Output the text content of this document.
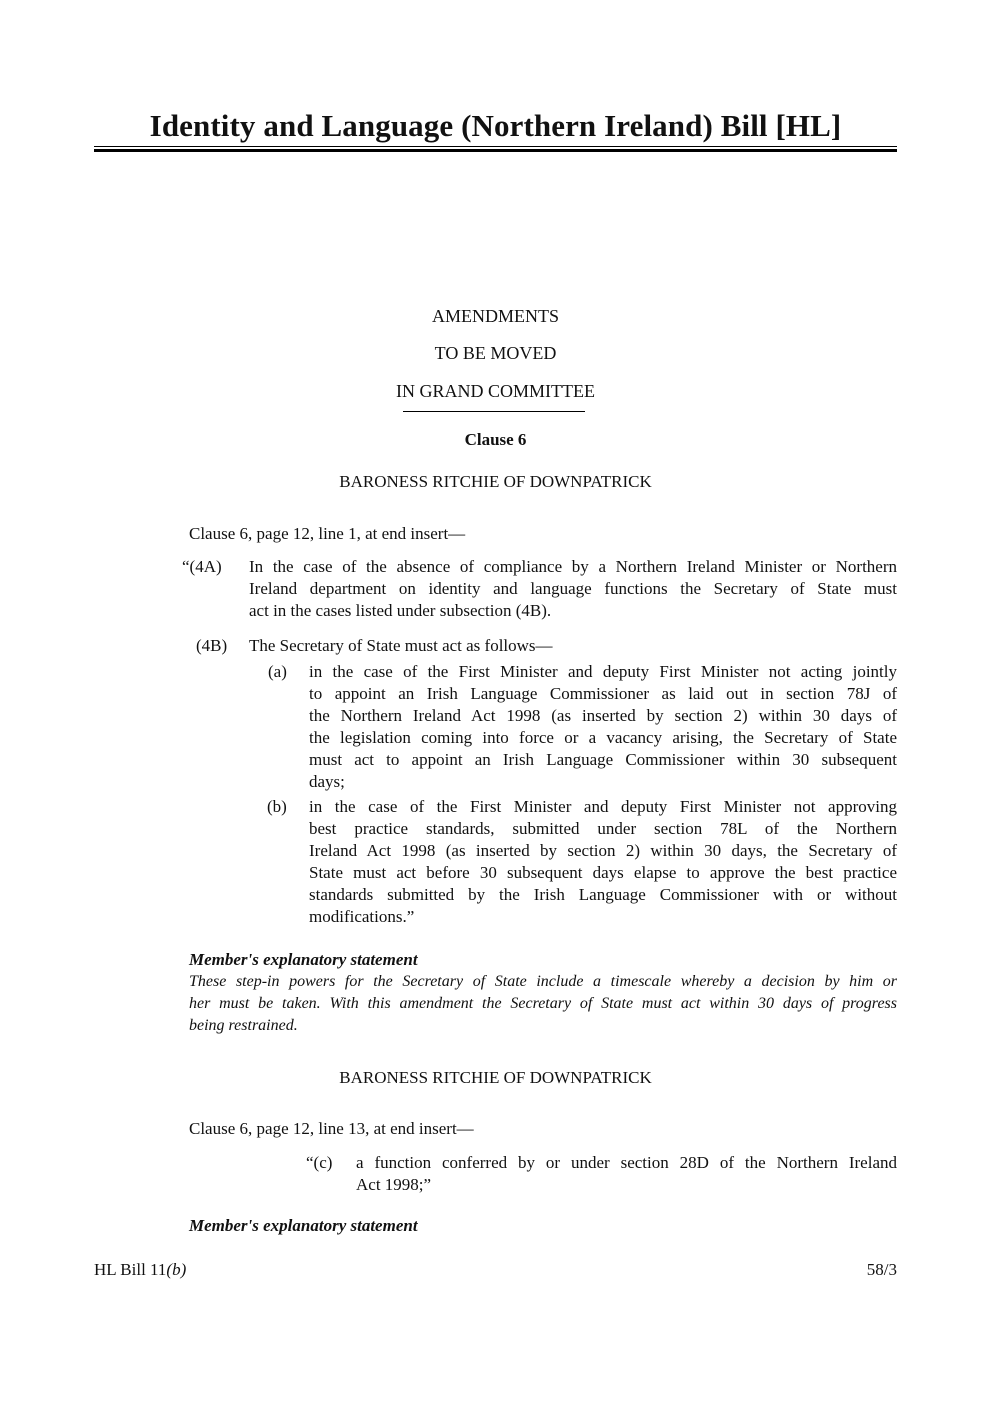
Identity and Language (Northern Ireland) Bill [HL]
AMENDMENTS
TO BE MOVED
IN GRAND COMMITTEE
Clause 6
BARONESS RITCHIE OF DOWNPATRICK
Clause 6, page 12, line 1, at end insert—
“(4A) In the case of the absence of compliance by a Northern Ireland Minister or Northern
Ireland department on identity and language functions the Secretary of State must
act in the cases listed under subsection (4B).
(4B) The Secretary of State must act as follows—
(a) in the case of the First Minister and deputy First Minister not acting jointly
to appoint an Irish Language Commissioner as laid out in section 78J of
the Northern Ireland Act 1998 (as inserted by section 2) within 30 days of
the legislation coming into force or a vacancy arising, the Secretary of State
must act to appoint an Irish Language Commissioner within 30 subsequent
days;
(b) in the case of the First Minister and deputy First Minister not approving
best practice standards, submitted under section 78L of the Northern
Ireland Act 1998 (as inserted by section 2) within 30 days, the Secretary of
State must act before 30 subsequent days elapse to approve the best practice
standards submitted by the Irish Language Commissioner with or without
modifications.”
Member's explanatory statement
These step-in powers for the Secretary of State include a timescale whereby a decision by him or
her must be taken. With this amendment the Secretary of State must act within 30 days of progress
being restrained.
BARONESS RITCHIE OF DOWNPATRICK
Clause 6, page 12, line 13, at end insert—
“(c) a function conferred by or under section 28D of the Northern Ireland
Act 1998;”
Member's explanatory statement
HL Bill 11(b)	58/3
